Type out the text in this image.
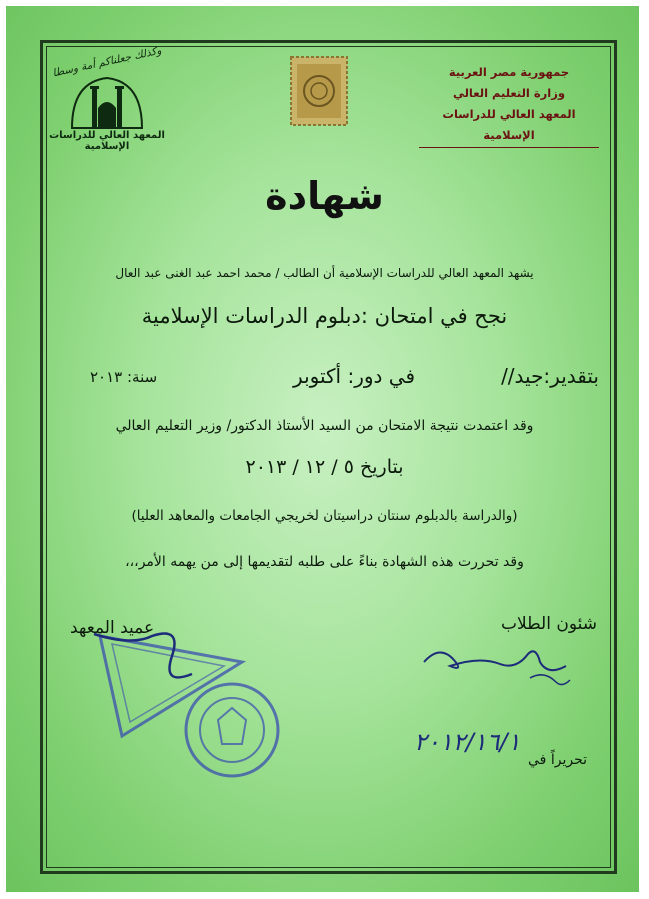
جمهورية مصر العربية
وزارة التعليم العالي
المعهد العالي للدراسات الإسلامية
وكذلك جعلناكم أمة وسطا
المعهد العالي للدراسات الإسلامية
شهادة
يشهد المعهد العالي للدراسات الإسلامية أن الطالب / محمد احمد عبد الغنى عبد العال
نجح في امتحان :دبلوم الدراسات الإسلامية
بتقدير:جيد//
في دور: أكتوبر
سنة: ٢٠١٣
وقد اعتمدت نتيجة الامتحان من السيد الأستاذ الدكتور/ وزير التعليم العالي
بتاريخ ٥ / ١٢ / ٢٠١٣
(والدراسة بالدبلوم سنتان دراسيتان لخريجي الجامعات والمعاهد العليا)
وقد تحررت هذه الشهادة بناءً على طلبه لتقديمها إلى من يهمه الأمر،،،
شئون الطلاب
عميد المعهد
تحريراً في
٢٠١٢/١٦/١
